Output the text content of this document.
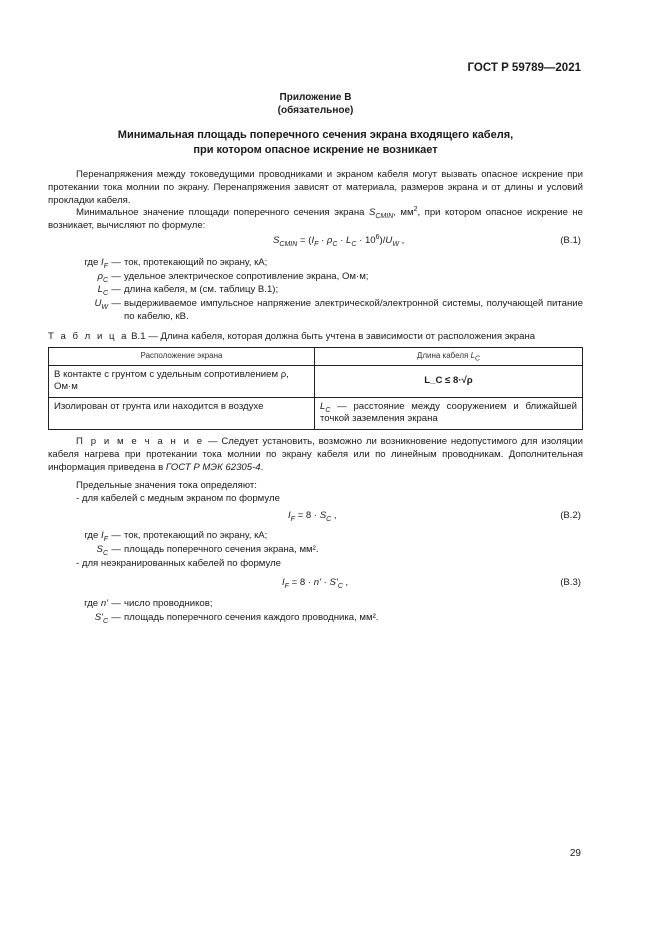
ГОСТ Р 59789—2021
Приложение В
(обязательное)
Минимальная площадь поперечного сечения экрана входящего кабеля,
при котором опасное искрение не возникает
Перенапряжения между токоведущими проводниками и экраном кабеля могут вызвать опасное искрение при протекании тока молнии по экрану. Перенапряжения зависят от материала, размеров экрана и от длины и условий прокладки кабеля.
Минимальное значение площади поперечного сечения экрана $S_{CMIN}$, $мм^2$, при котором опасное искрение не возникает, вычисляют по формуле:
$S_{CMIN} = (I_F \cdot \rho_C \cdot L_C \cdot 10^6)/U_W$ ,	(B.1)
где $I_F$ — ток, протекающий по экрану, кА;
$\rho_C$ — удельное электрическое сопротивление экрана, Ом·м;
$L_C$ — длина кабеля, м (см. таблицу В.1);
$U_W$ — выдерживаемое импульсное напряжение электрической/электронной системы, получающей питание по кабелю, кВ.
Т а б л и ц а В.1 — Длина кабеля, которая должна быть учтена в зависимости от расположения экрана
Расположение экрана	Длина кабеля $L_C$
В контакте с грунтом с удельным сопротивлением ρ, Ом·м	L_C ≤ 8·√ρ
Изолирован от грунта или находится в воздухе	$L_C$ — расстояние между сооружением и ближайшей точкой заземления экрана
П р и м е ч а н и е — Следует установить, возможно ли возникновение недопустимого для изоляции кабеля нагрева при протекании тока молнии по экрану кабеля или по линейным проводникам. Дополнительная информация приведена в ГОСТ Р МЭК 62305-4.
Предельные значения тока определяют:
- для кабелей с медным экраном по формуле
$I_F = 8 \cdot S_C$ ,	(B.2)
где $I_F$ — ток, протекающий по экрану, кА;
$S_C$ — площадь поперечного сечения экрана, мм².
- для неэкранированных кабелей по формуле
$I_F = 8 \cdot n' \cdot S'_C$ ,	(B.3)
где n' — число проводников;
$S'_C$ — площадь поперечного сечения каждого проводника, мм².
29
